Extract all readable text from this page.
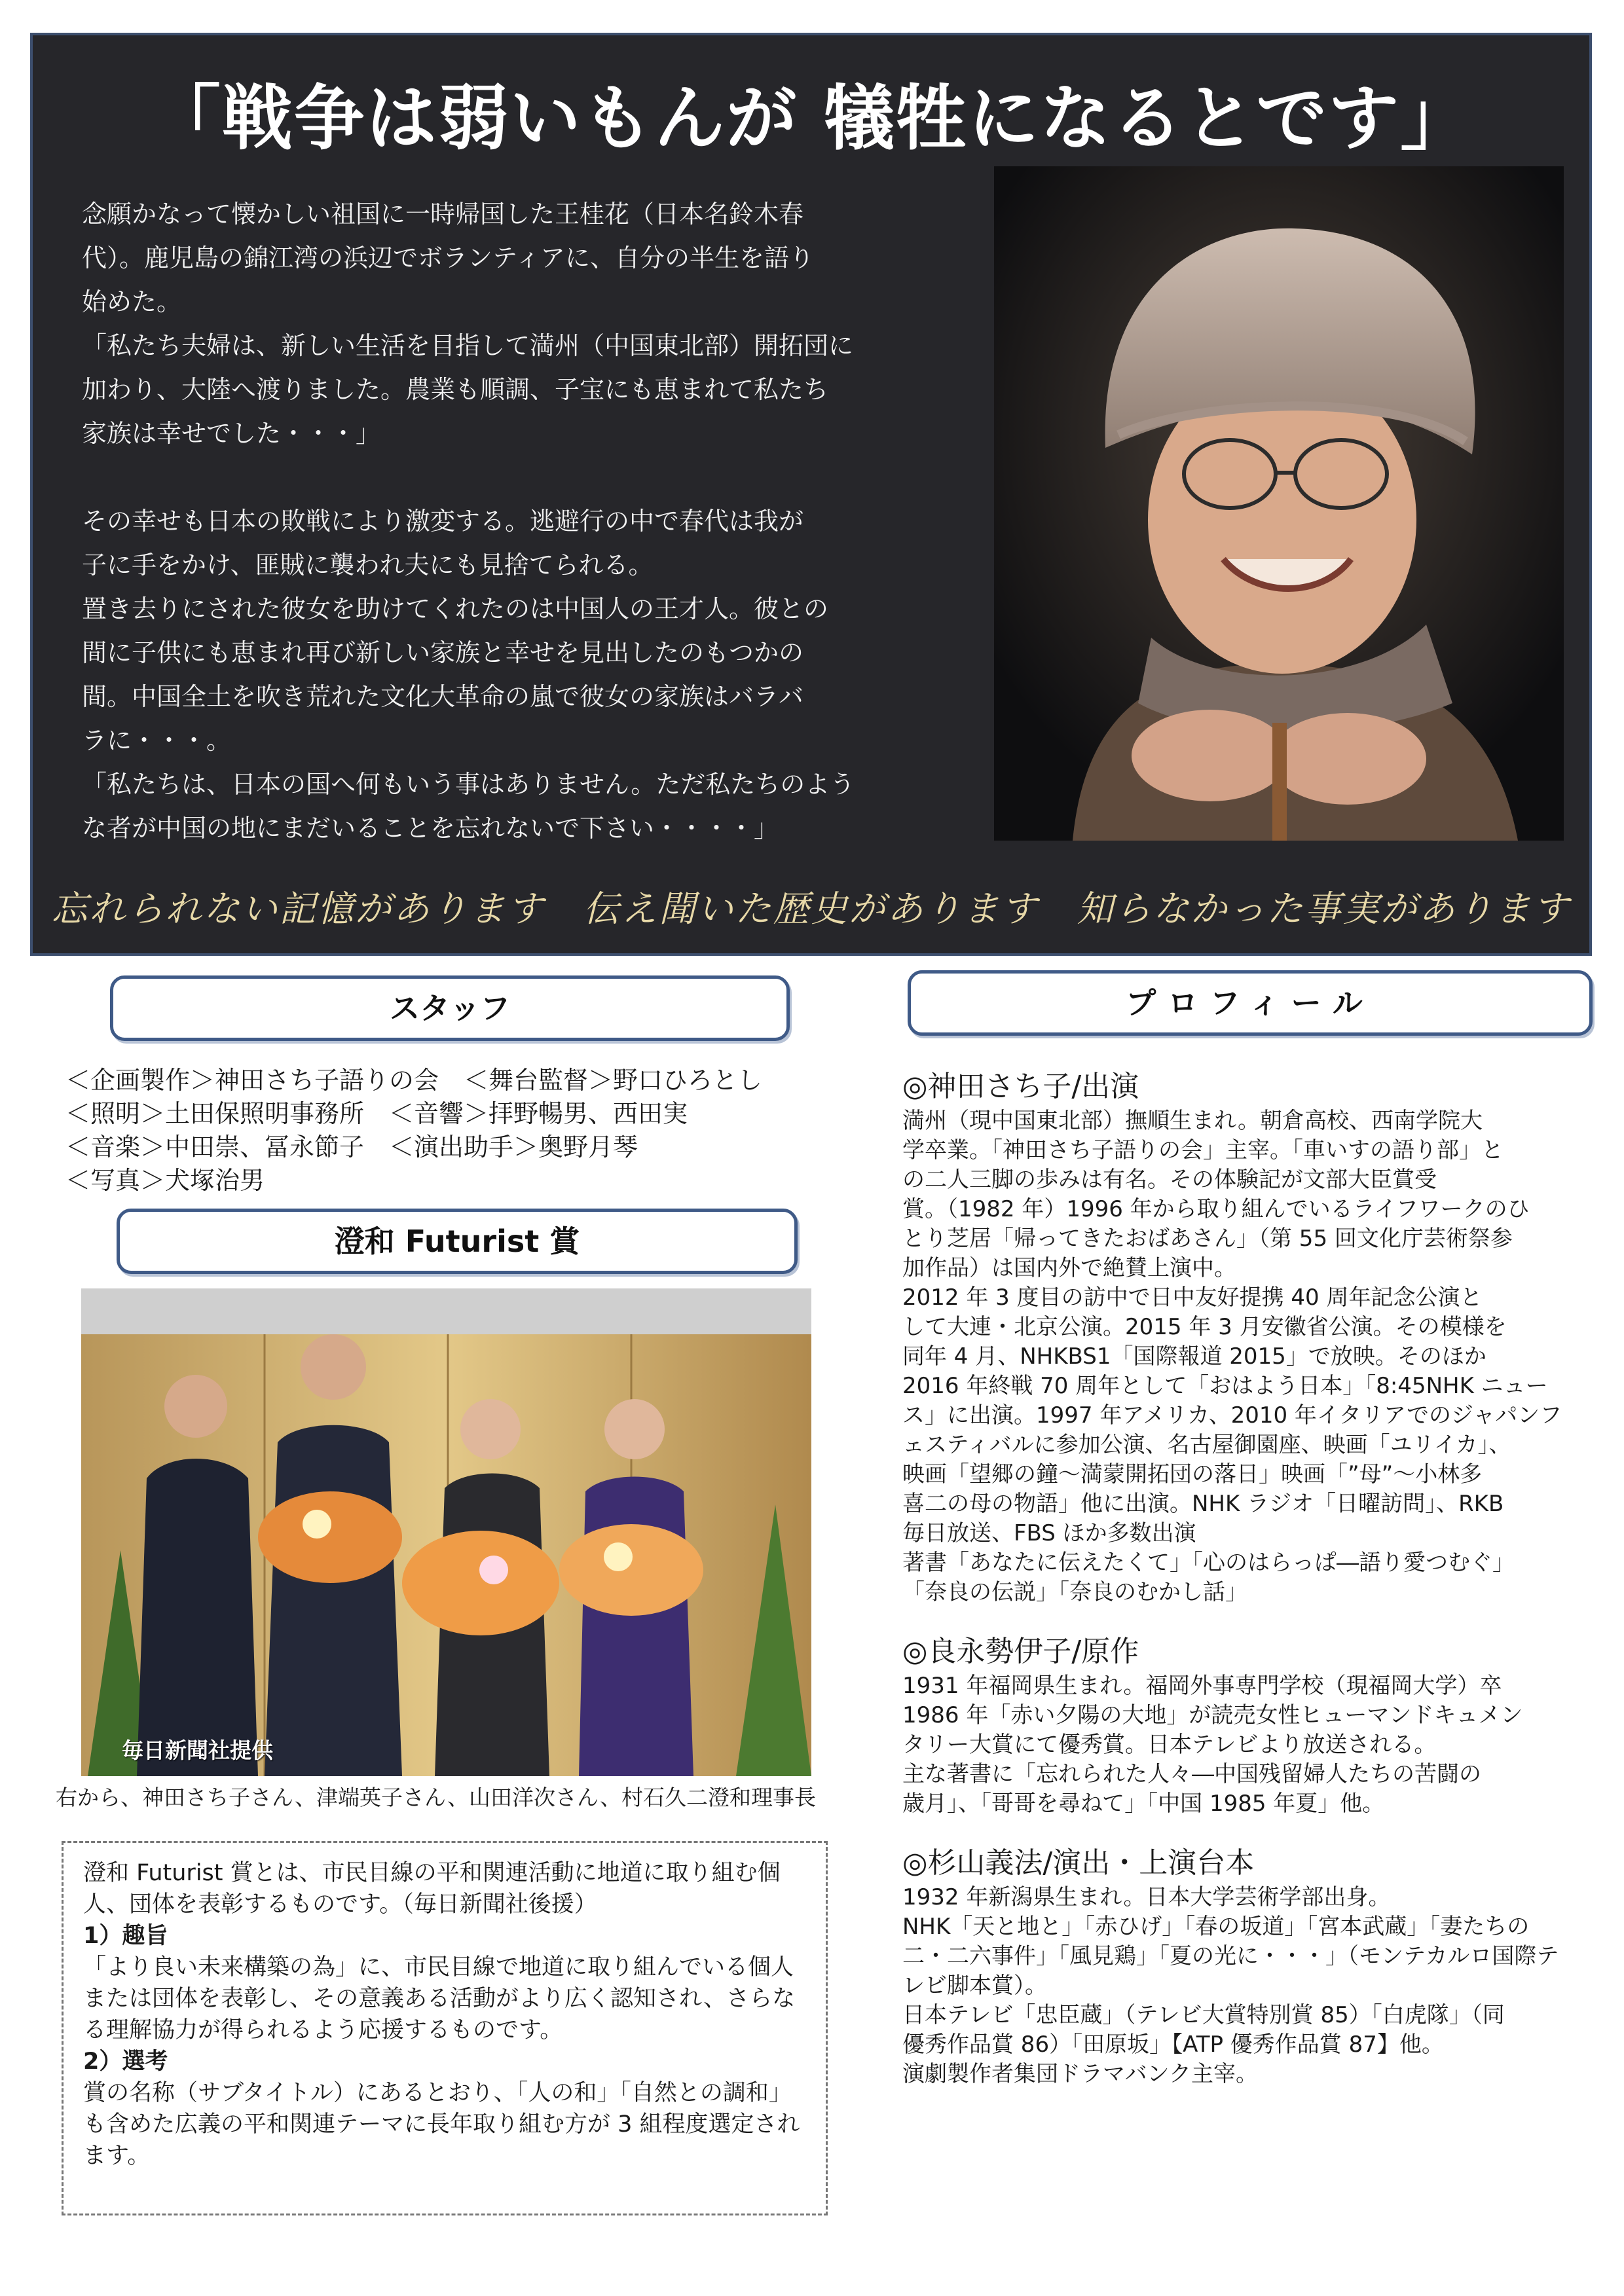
「戦争は弱いもんが 犠牲になるとです」

念願かなって懐かしい祖国に一時帰国した王桂花（日本名鈴木春

代）。鹿児島の錦江湾の浜辺でボランティアに、自分の半生を語り

始めた。

「私たち夫婦は、新しい生活を目指して満州（中国東北部）開拓団に

加わり、大陸へ渡りました。農業も順調、子宝にも恵まれて私たち

家族は幸せでした・・・」

その幸せも日本の敗戦により激変する。逃避行の中で春代は我が

子に手をかけ、匪賊に襲われ夫にも見捨てられる。

置き去りにされた彼女を助けてくれたのは中国人の王才人。彼との

間に子供にも恵まれ再び新しい家族と幸せを見出したのもつかの

間。中国全土を吹き荒れた文化大革命の嵐で彼女の家族はバラバ

ラに・・・。

「私たちは、日本の国へ何もいう事はありません。ただ私たちのよう

な者が中国の地にまだいることを忘れないで下さい・・・・」

忘れられない記憶があります　伝え聞いた歴史があります　知らなかった事実があります
スタッフ

＜企画製作＞神田さち子語りの会　＜舞台監督＞野口ひろとし

＜照明＞土田保照明事務所　＜音響＞拝野暢男、西田実

＜音楽＞中田崇、冨永節子　＜演出助手＞奥野月琴

＜写真＞犬塚治男

澄和 Futurist 賞
毎日新聞社提供
右から、神田さち子さん、津端英子さん、山田洋次さん、村石久二澄和理事長

澄和 Futurist 賞とは、市民目線の平和関連活動に地道に取り組む個人、団体を表彰するものです。（毎日新聞社後援）

1）趣旨

「より良い未来構築の為」に、市民目線で地道に取り組んでいる個人または団体を表彰し、その意義ある活動がより広く認知され、さらなる理解協力が得られるよう応援するものです。

2）選考

賞の名称（サブタイトル）にあるとおり、「人の和」「自然との調和」も含めた広義の平和関連テーマに長年取り組む方が 3 組程度選定されます。

プロフィール

◎神田さち子/出演

満州（現中国東北部）撫順生まれ。朝倉高校、西南学院大

学卒業。「神田さち子語りの会」主宰。「車いすの語り部」と

の二人三脚の歩みは有名。その体験記が文部大臣賞受

賞。（1982 年）1996 年から取り組んでいるライフワークのひ

とり芝居「帰ってきたおばあさん」（第 55 回文化庁芸術祭参

加作品）は国内外で絶賛上演中。

2012 年 3 度目の訪中で日中友好提携 40 周年記念公演と

して大連・北京公演。2015 年 3 月安徽省公演。その模様を

同年 4 月、NHKBS1「国際報道 2015」で放映。そのほか

2016 年終戦 70 周年として「おはよう日本」「8:45NHK ニュー

ス」に出演。1997 年アメリカ、2010 年イタリアでのジャパンフ

ェスティバルに参加公演、名古屋御園座、映画「ユリイカ」、

映画「望郷の鐘～満蒙開拓団の落日」映画「”母”～小林多

喜二の母の物語」他に出演。NHK ラジオ「日曜訪問」、RKB

毎日放送、FBS ほか多数出演

著書「あなたに伝えたくて」「心のはらっぱ―語り愛つむぐ」

「奈良の伝説」「奈良のむかし話」

◎良永勢伊子/原作

1931 年福岡県生まれ。福岡外事専門学校（現福岡大学）卒

1986 年「赤い夕陽の大地」が読売女性ヒューマンドキュメン

タリー大賞にて優秀賞。日本テレビより放送される。

主な著書に「忘れられた人々―中国残留婦人たちの苦闘の

歳月」、「哥哥を尋ねて」「中国 1985 年夏」他。

◎杉山義法/演出・上演台本

1932 年新潟県生まれ。日本大学芸術学部出身。

NHK「天と地と」「赤ひげ」「春の坂道」「宮本武蔵」「妻たちの

二・二六事件」「風見鶏」「夏の光に・・・」（モンテカルロ国際テ

レビ脚本賞）。

日本テレビ「忠臣蔵」（テレビ大賞特別賞 85）「白虎隊」（同

優秀作品賞 86）「田原坂」【ATP 優秀作品賞 87】他。

演劇製作者集団ドラマバンク主宰。
